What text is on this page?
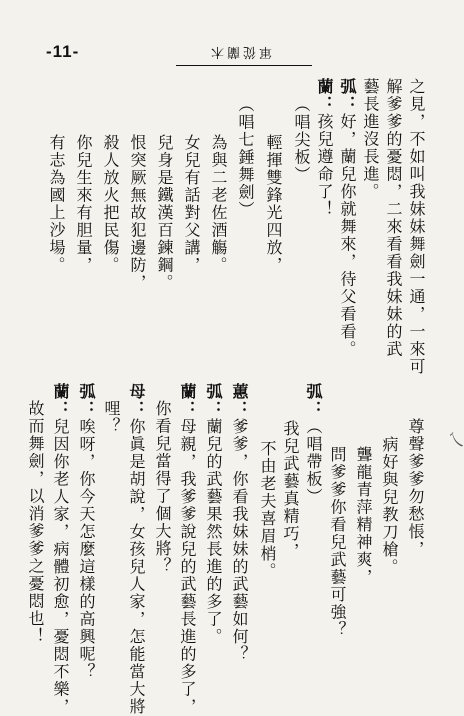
-11-	軍從蘭木
之見，不如叫我妹妹舞劍一通，一來可
解爹爹的憂悶，二來看看我妹妹的武
藝長進沒長進。
弧：好，蘭兒你就舞來，待父看看。
蘭：孩兒遵命了！
（唱尖板）
輕揮雙鋒光四放，
（唱七錘舞劍）
為與二老佐酒觴。
女兒有話對父講，
兒身是鐵漢百鍊鋼。
恨突厥無故犯邊防，
殺人放火把民傷。
你兒生來有胆量，
有志為國上沙場。
尊聲爹爹勿愁悵，
病好與兒教刀槍。
聾龍青萍精神爽，
問爹爹你看兒武藝可強？
弧：（唱帶板）
我兒武藝真精巧，
不由老夫喜眉梢。
蕙：爹爹，你看我妹妹的武藝如何？
弧：蘭兒的武藝果然長進的多了。
蘭：母親，我爹爹說兒的武藝長進的多了，
你看兒當得了個大將？
母：你眞是胡說，女孩兒人家，怎能當大將
哩？
弧：唉呀，你今天怎麼這樣的高興呢？
蘭：兒因你老人家，病體初愈，憂悶不樂，
故而舞劍，以消爹爹之憂悶也！	乀
